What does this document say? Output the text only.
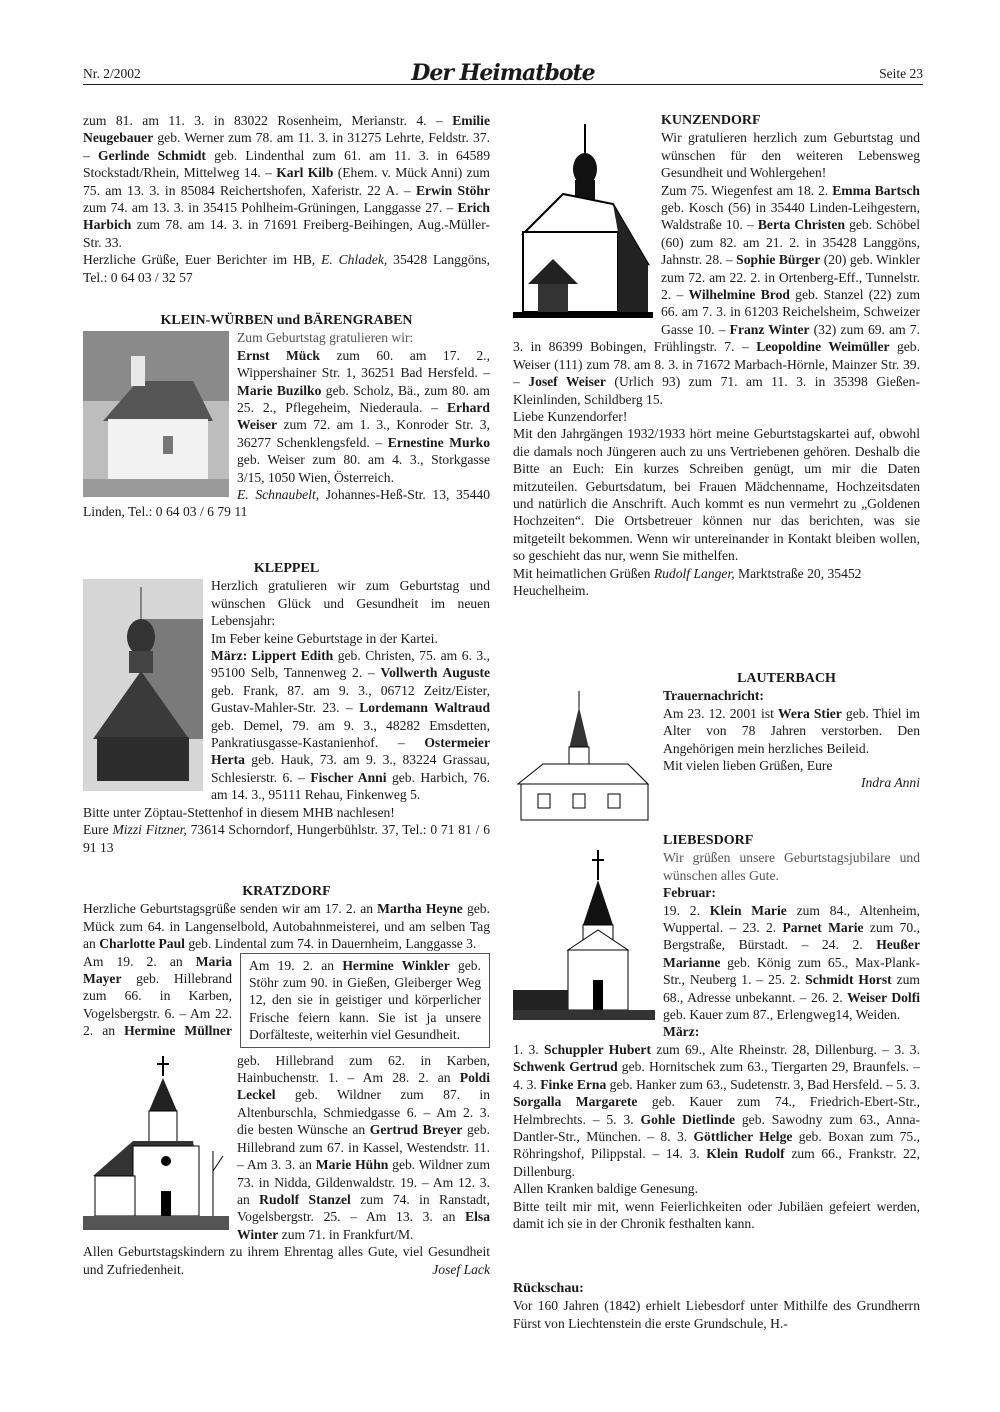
Nr. 2/2002	Der Heimatbote	Seite 23

zum 81. am 11. 3. in 83022 Rosenheim, Merianstr. 4. – Emilie Neugebauer geb. Werner zum 78. am 11. 3. in 31275 Lehrte, Feldstr. 37. – Gerlinde Schmidt geb. Lindenthal zum 61. am 11. 3. in 64589 Stockstadt/Rhein, Mittelweg 14. – Karl Kilb (Ehem. v. Mück Anni) zum 75. am 13. 3. in 85084 Reichertshofen, Xaferistr. 22 A. – Erwin Stöhr zum 74. am 13. 3. in 35415 Pohlheim-Grüningen, Langgasse 27. – Erich Harbich zum 78. am 14. 3. in 71691 Freiberg-Beihingen, Aug.-Müller-Str. 33.

Herzliche Grüße, Euer Berichter im HB, E. Chladek, 35428 Langgöns, Tel.: 0 64 03 / 32 57

KLEIN-WÜRBEN und BÄRENGRABEN

Zum Geburtstag gratulieren wir:

Ernst Mück zum 60. am 17. 2., Wippershainer Str. 1, 36251 Bad Hersfeld. – Marie Buzilko geb. Scholz, Bä., zum 80. am 25. 2., Pflegeheim, Niederaula. – Erhard Weiser zum 72. am 1. 3., Konroder Str. 3, 36277 Schenklengsfeld. – Ernestine Murko geb. Weiser zum 80. am 4. 3., Storkgasse 3/15, 1050 Wien, Österreich.

E. Schnaubelt, Johannes-Heß-Str. 13, 35440 Linden, Tel.: 0 64 03 / 6 79 11

KLEPPEL

Herzlich gratulieren wir zum Geburtstag und wünschen Glück und Gesundheit im neuen Lebensjahr:

Im Feber keine Geburtstage in der Kartei.

März: Lippert Edith geb. Christen, 75. am 6. 3., 95100 Selb, Tannenweg 2. – Vollwerth Auguste geb. Frank, 87. am 9. 3., 06712 Zeitz/Eister, Gustav-Mahler-Str. 23. – Lordemann Waltraud geb. Demel, 79. am 9. 3., 48282 Emsdetten, Pankratiusgasse-Kastanienhof. – Ostermeier Herta geb. Hauk, 73. am 9. 3., 83224 Grassau, Schlesierstr. 6. – Fischer Anni geb. Harbich, 76. am 14. 3., 95111 Rehau, Finkenweg 5.

Bitte unter Zöptau-Stettenhof in diesem MHB nachlesen!

Eure Mizzi Fitzner, 73614 Schorndorf, Hungerbühlstr. 37, Tel.: 0 71 81 / 6 91 13

KRATZDORF

Herzliche Geburtstagsgrüße senden wir am 17. 2. an Martha Heyne geb. Mück zum 64. in Langenselbold, Autobahnmeisterei, und am selben Tag an Charlotte Paul geb. Lindental zum 74. in Dauernheim, Langgasse 3.

Am 19. 2. an Hermine Winkler geb. Stöhr zum 90. in Gießen, Gleiberger Weg 12, den sie in geistiger und körperlicher Frische feiern kann. Sie ist ja unsere Dorfälteste, weiterhin viel Gesundheit.

Am 19. 2. an Maria Mayer geb. Hillebrand zum 66. in Karben, Vogelsbergstr. 6. – Am 22. 2. an Hermine Müllner geb. Hillebrand zum 62. in Karben, Hainbuchenstr. 1. – Am 28. 2. an Poldi Leckel geb. Wildner zum 87. in Altenburschla, Schmiedgasse 6. – Am 2. 3. die besten Wünsche an Gertrud Breyer geb. Hillebrand zum 67. in Kassel, Westendstr. 11. – Am 3. 3. an Marie Hühn geb. Wildner zum 73. in Nidda, Gildenwaldstr. 19. – Am 12. 3. an Rudolf Stanzel zum 74. in Ranstadt, Vogelsbergstr. 25. – Am 13. 3. an Elsa Winter zum 71. in Frankfurt/M.

Allen Geburtstagskindern zu ihrem Ehrentag alles Gute, viel Gesundheit und Zufriedenheit.	Josef Lack

KUNZENDORF

Wir gratulieren herzlich zum Geburtstag und wünschen für den weiteren Lebensweg Gesundheit und Wohlergehen!

Zum 75. Wiegenfest am 18. 2. Emma Bartsch geb. Kosch (56) in 35440 Linden-Leihgestern, Waldstraße 10. – Berta Christen geb. Schöbel (60) zum 82. am 21. 2. in 35428 Langgöns, Jahnstr. 28. – Sophie Bürger (20) geb. Winkler zum 72. am 22. 2. in Ortenberg-Eff., Tunnelstr. 2. – Wilhelmine Brod geb. Stanzel (22) zum 66. am 7. 3. in 61203 Reichelsheim, Schweizer Gasse 10. – Franz Winter (32) zum 69. am 7. 3. in 86399 Bobingen, Frühlingstr. 7. – Leopoldine Weimüller geb. Weiser (111) zum 78. am 8. 3. in 71672 Marbach-Hörnle, Mainzer Str. 39. – Josef Weiser (Urlich 93) zum 71. am 11. 3. in 35398 Gießen-Kleinlinden, Schildberg 15.

Liebe Kunzendorfer!

Mit den Jahrgängen 1932/1933 hört meine Geburtstagskartei auf, obwohl die damals noch Jüngeren auch zu uns Vertriebenen gehören. Deshalb die Bitte an Euch: Ein kurzes Schreiben genügt, um mir die Daten mitzuteilen. Geburtsdatum, bei Frauen Mädchenname, Hochzeitsdaten und natürlich die Anschrift. Auch kommt es nun vermehrt zu „Goldenen Hochzeiten“. Die Ortsbetreuer können nur das berichten, was sie mitgeteilt bekommen. Wenn wir untereinander in Kontakt bleiben wollen, so geschieht das nur, wenn Sie mithelfen.

Mit heimatlichen Grüßen Rudolf Langer, Marktstraße 20, 35452 Heuchelheim.

LAUTERBACH

Trauernachricht:

Am 23. 12. 2001 ist Wera Stier geb. Thiel im Alter von 78 Jahren verstorben. Den Angehörigen mein herzliches Beileid.

Mit vielen lieben Grüßen, Eure

Indra Anni

LIEBESDORF

Wir grüßen unsere Geburtstagsjubilare und wünschen alles Gute.

Februar:

19. 2. Klein Marie zum 84., Altenheim, Wuppertal. – 23. 2. Parnet Marie zum 70., Bergstraße, Bürstadt. – 24. 2. Heußer Marianne geb. König zum 65., Max-Plank-Str., Neuberg 1. – 25. 2. Schmidt Horst zum 68., Adresse unbekannt. – 26. 2. Weiser Dolfi geb. Kauer zum 87., Erlengweg14, Weiden.

März:

1. 3. Schuppler Hubert zum 69., Alte Rheinstr. 28, Dillenburg. – 3. 3. Schwenk Gertrud geb. Hornitschek zum 63., Tiergarten 29, Braunfels. – 4. 3. Finke Erna geb. Hanker zum 63., Sudetenstr. 3, Bad Hersfeld. – 5. 3. Sorgalla Margarete geb. Kauer zum 74., Friedrich-Ebert-Str., Helmbrechts. – 5. 3. Gohle Dietlinde geb. Sawodny zum 63., Anna-Dantler-Str., München. – 8. 3. Göttlicher Helge geb. Boxan zum 75., Röhringshof, Pilippstal. – 14. 3. Klein Rudolf zum 66., Frankstr. 22, Dillenburg.

Allen Kranken baldige Genesung.

Bitte teilt mir mit, wenn Feierlichkeiten oder Jubiläen gefeiert werden, damit ich sie in der Chronik festhalten kann.

Rückschau:

Vor 160 Jahren (1842) erhielt Liebesdorf unter Mithilfe des Grundherrn Fürst von Liechtenstein die erste Grundschule, H.-
